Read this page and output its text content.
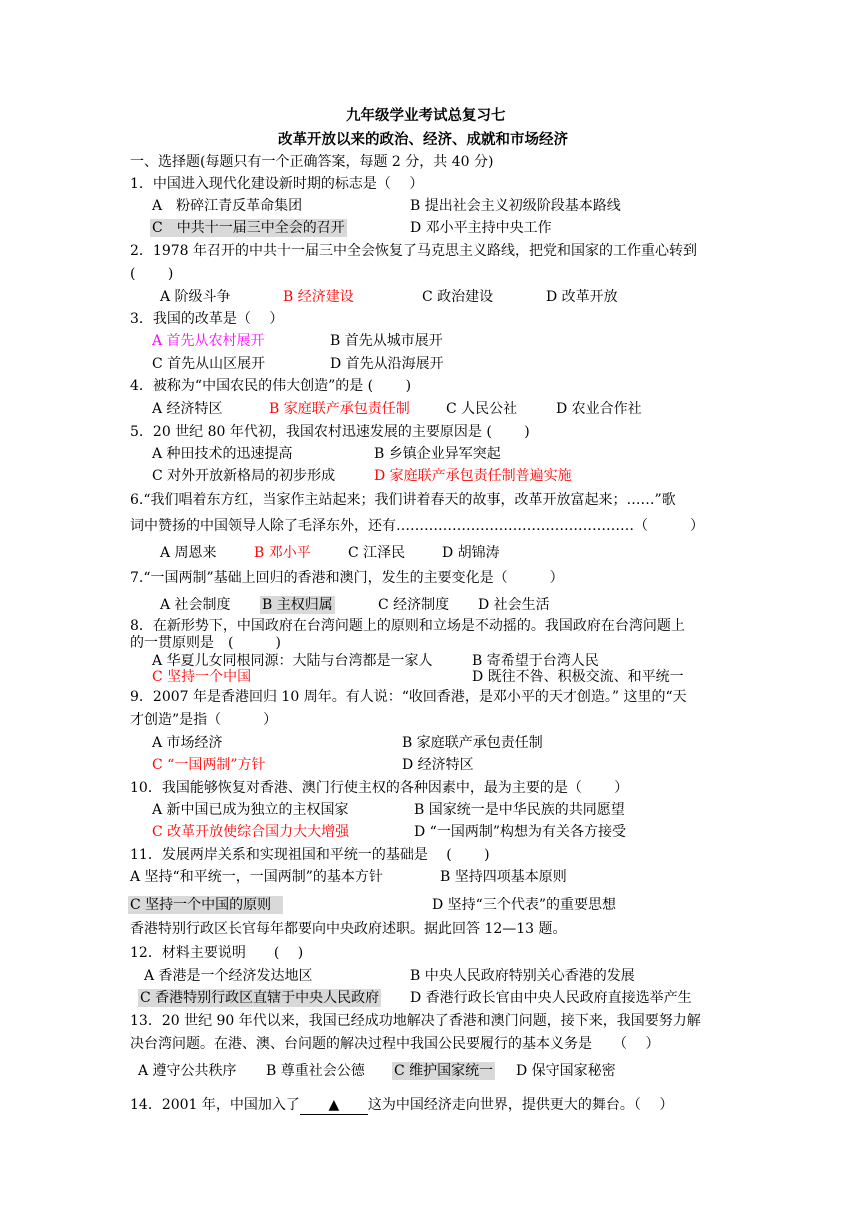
九年级学业考试总复习七
改革开放以来的政治、经济、成就和市场经济
一、选择题(每题只有一个正确答案，每题 2 分，共 40 分)
1．中国进入现代化建设新时期的标志是（　 ）
A　粉碎江青反革命集团	B 提出社会主义初级阶段基本路线
C　中共十一届三中全会的召开	D 邓小平主持中央工作
2．1978 年召开的中共十一届三中全会恢复了马克思主义路线，把党和国家的工作重心转到
(　　 )
A 阶级斗争	B 经济建设	C 政治建设	D 改革开放
3．我国的改革是（　 ）
A 首先从农村展开	B 首先从城市展开
C 首先从山区展开	D 首先从沿海展开
4．被称为“中国农民的伟大创造”的是 (　　 )
A 经济特区	B 家庭联产承包责任制	C 人民公社	D 农业合作社
5．20 世纪 80 年代初，我国农村迅速发展的主要原因是 (　　 )
A 种田技术的迅速提高	B 乡镇企业异军突起
C 对外开放新格局的初步形成	D 家庭联产承包责任制普遍实施
6.“我们唱着东方红，当家作主站起来；我们讲着春天的故事，改革开放富起来；……”歌
词中赞扬的中国领导人除了毛泽东外，还有……………………………………………（　　　）
A 周恩来	B 邓小平	C 江泽民	D 胡锦涛
7.“一国两制”基础上回归的香港和澳门，发生的主要变化是（　　　）
A 社会制度 B 主权归属	C 经济制度 D 社会生活
8．在新形势下，中国政府在台湾问题上的原则和立场是不动摇的。我国政府在台湾问题上
的一贯原则是　(　　　)
A 华夏儿女同根同源：大陆与台湾都是一家人	B 寄希望于台湾人民
C 坚持一个中国	D 既往不咎、积极交流、和平统一
9．2007 年是香港回归 10 周年。有人说：“收回香港，是邓小平的天才创造。” 这里的“天
才创造”是指（　　　）
A 市场经济	B 家庭联产承包责任制
C “一国两制”方针	D 经济特区
10．我国能够恢复对香港、澳门行使主权的各种因素中，最为主要的是（　　 ）
A 新中国已成为独立的主权国家	B 国家统一是中华民族的共同愿望
C 改革开放使综合国力大大增强	D “一国两制”构想为有关各方接受
11．发展两岸关系和实现祖国和平统一的基础是　 (　　 )
A 坚持“和平统一，一国两制”的基本方针	B 坚持四项基本原则
C 坚持一个中国的原则	D 坚持“三个代表”的重要思想
香港特别行政区长官每年都要向中央政府述职。据此回答 12—13 题。
12．材料主要说明　　(　 )
A 香港是一个经济发达地区	B 中央人民政府特别关心香港的发展
C 香港特别行政区直辖于中央人民政府 D 香港行政长官由中央人民政府直接选举产生
13．20 世纪 90 年代以来，我国已经成功地解决了香港和澳门问题，接下来，我国要努力解
决台湾问题。在港、澳、台问题的解决过程中我国公民要履行的基本义务是　　（　 ）
A 遵守公共秩序 B 尊重社会公德 C 维护国家统一 D 保守国家秘密
14．2001 年，中国加入了 ▲ 这为中国经济走向世界，提供更大的舞台。（　 ）
